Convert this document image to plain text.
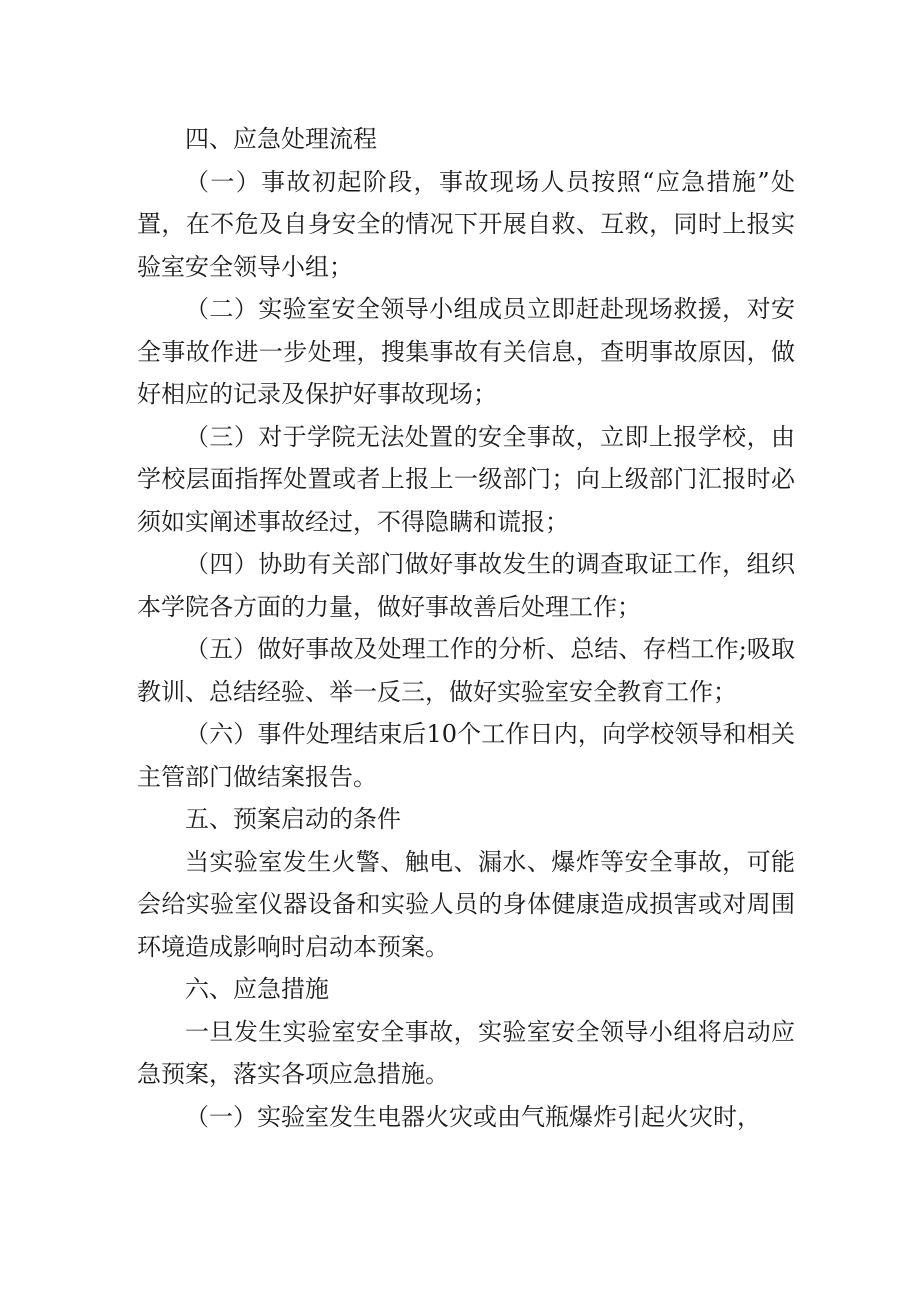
四、应急处理流程

（一）事故初起阶段，事故现场人员按照“应急措施”处置，在不危及自身安全的情况下开展自救、互救，同时上报实验室安全领导小组；

（二）实验室安全领导小组成员立即赶赴现场救援，对安全事故作进一步处理，搜集事故有关信息，查明事故原因，做好相应的记录及保护好事故现场；

（三）对于学院无法处置的安全事故，立即上报学校，由学校层面指挥处置或者上报上一级部门；向上级部门汇报时必须如实阐述事故经过，不得隐瞒和谎报；

（四）协助有关部门做好事故发生的调查取证工作，组织本学院各方面的力量，做好事故善后处理工作；

（五）做好事故及处理工作的分析、总结、存档工作;吸取教训、总结经验、举一反三，做好实验室安全教育工作；

（六）事件处理结束后10个工作日内，向学校领导和相关主管部门做结案报告。

五、预案启动的条件

当实验室发生火警、触电、漏水、爆炸等安全事故，可能会给实验室仪器设备和实验人员的身体健康造成损害或对周围环境造成影响时启动本预案。

六、应急措施

一旦发生实验室安全事故，实验室安全领导小组将启动应急预案，落实各项应急措施。

（一）实验室发生电器火灾或由气瓶爆炸引起火灾时，
